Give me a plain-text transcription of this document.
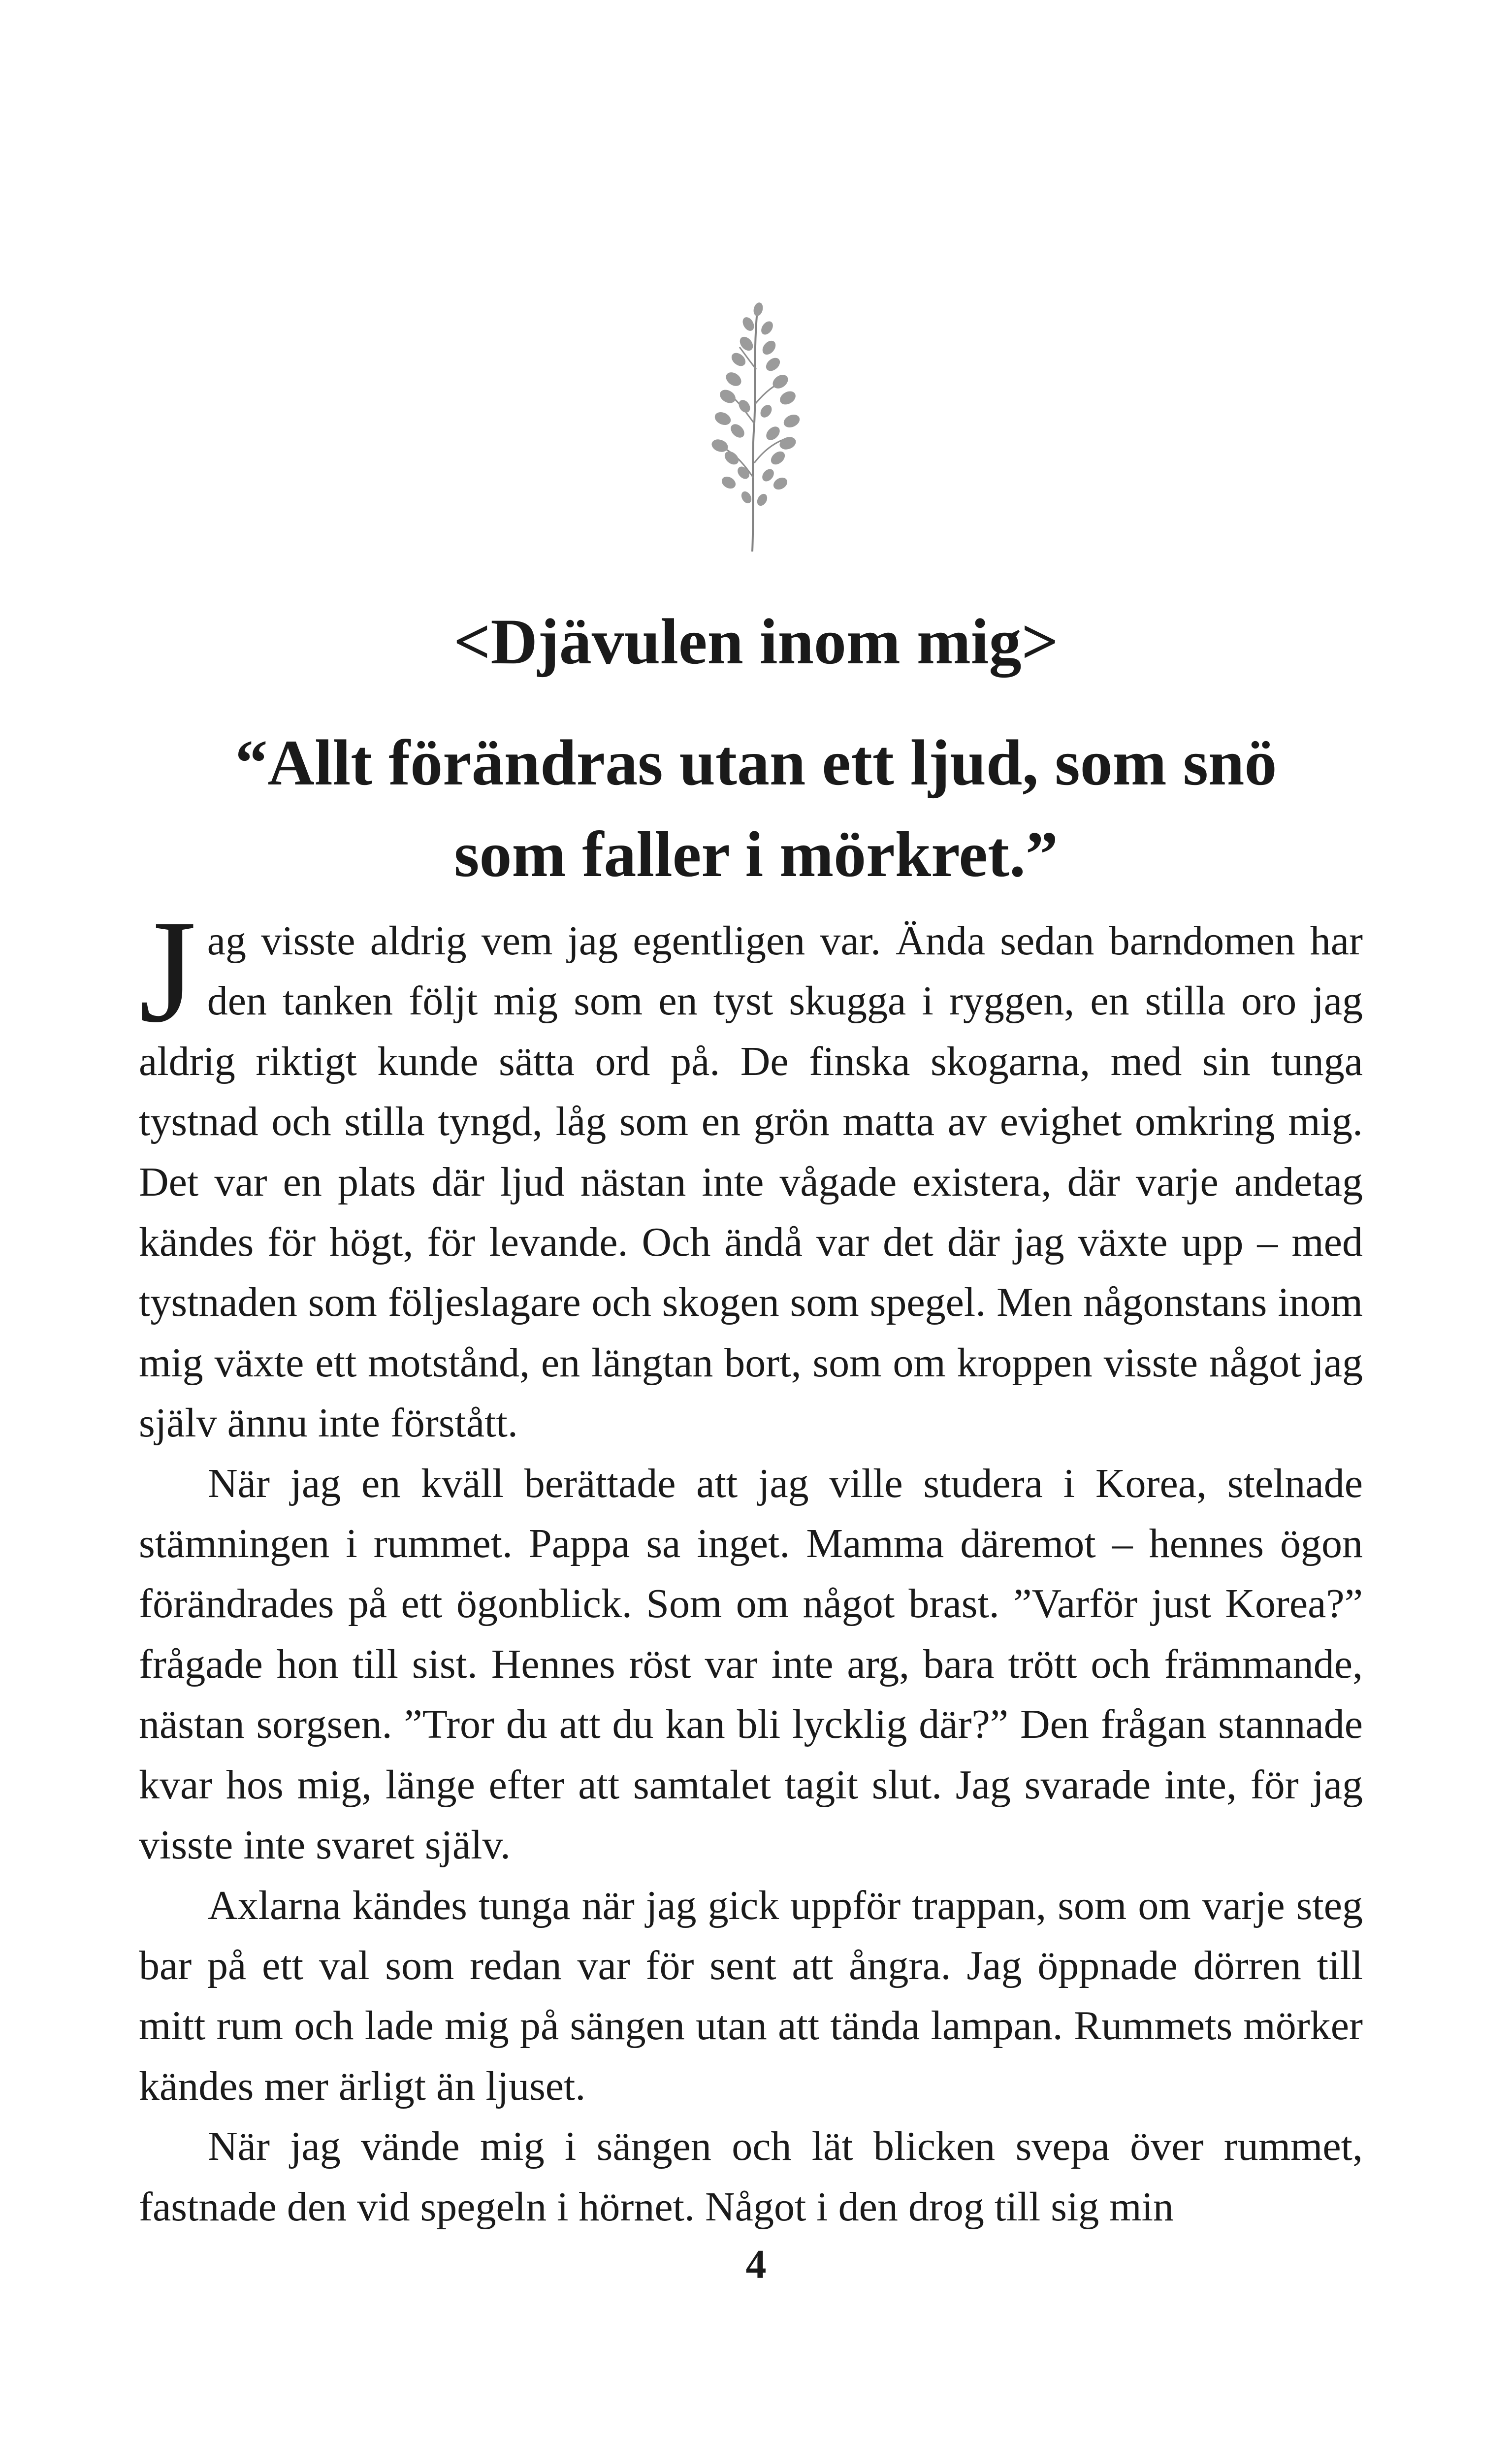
<Djävulen inom mig>
“Allt förändras utan ett ljud, som snö
som faller i mörkret.”

Jag visste aldrig vem jag egentligen var. Ända sedan barndomen har den tanken följt mig som en tyst skugga i ryggen, en stilla oro jag aldrig riktigt kunde sätta ord på. De finska skogarna, med sin tunga tystnad och stilla tyngd, låg som en grön matta av evighet omkring mig. Det var en plats där ljud nästan inte vågade existera, där varje andetag kändes för högt, för levande. Och ändå var det där jag växte upp – med tystnaden som följeslagare och skogen som spegel. Men någonstans inom mig växte ett motstånd, en längtan bort, som om kroppen visste något jag själv ännu inte förstått.

När jag en kväll berättade att jag ville studera i Korea, stelnade stämningen i rummet. Pappa sa inget. Mamma däremot – hennes ögon förändrades på ett ögonblick. Som om något brast. ”Varför just Korea?” frågade hon till sist. Hennes röst var inte arg, bara trött och främmande, nästan sorgsen. ”Tror du att du kan bli lycklig där?” Den frågan stannade kvar hos mig, länge efter att samtalet tagit slut. Jag svarade inte, för jag visste inte svaret själv.

Axlarna kändes tunga när jag gick uppför trappan, som om varje steg bar på ett val som redan var för sent att ångra. Jag öppnade dörren till mitt rum och lade mig på sängen utan att tända lampan. Rummets mörker kändes mer ärligt än ljuset.

När jag vände mig i sängen och lät blicken svepa över rummet, fastnade den vid spegeln i hörnet. Något i den drog till sig min

4
